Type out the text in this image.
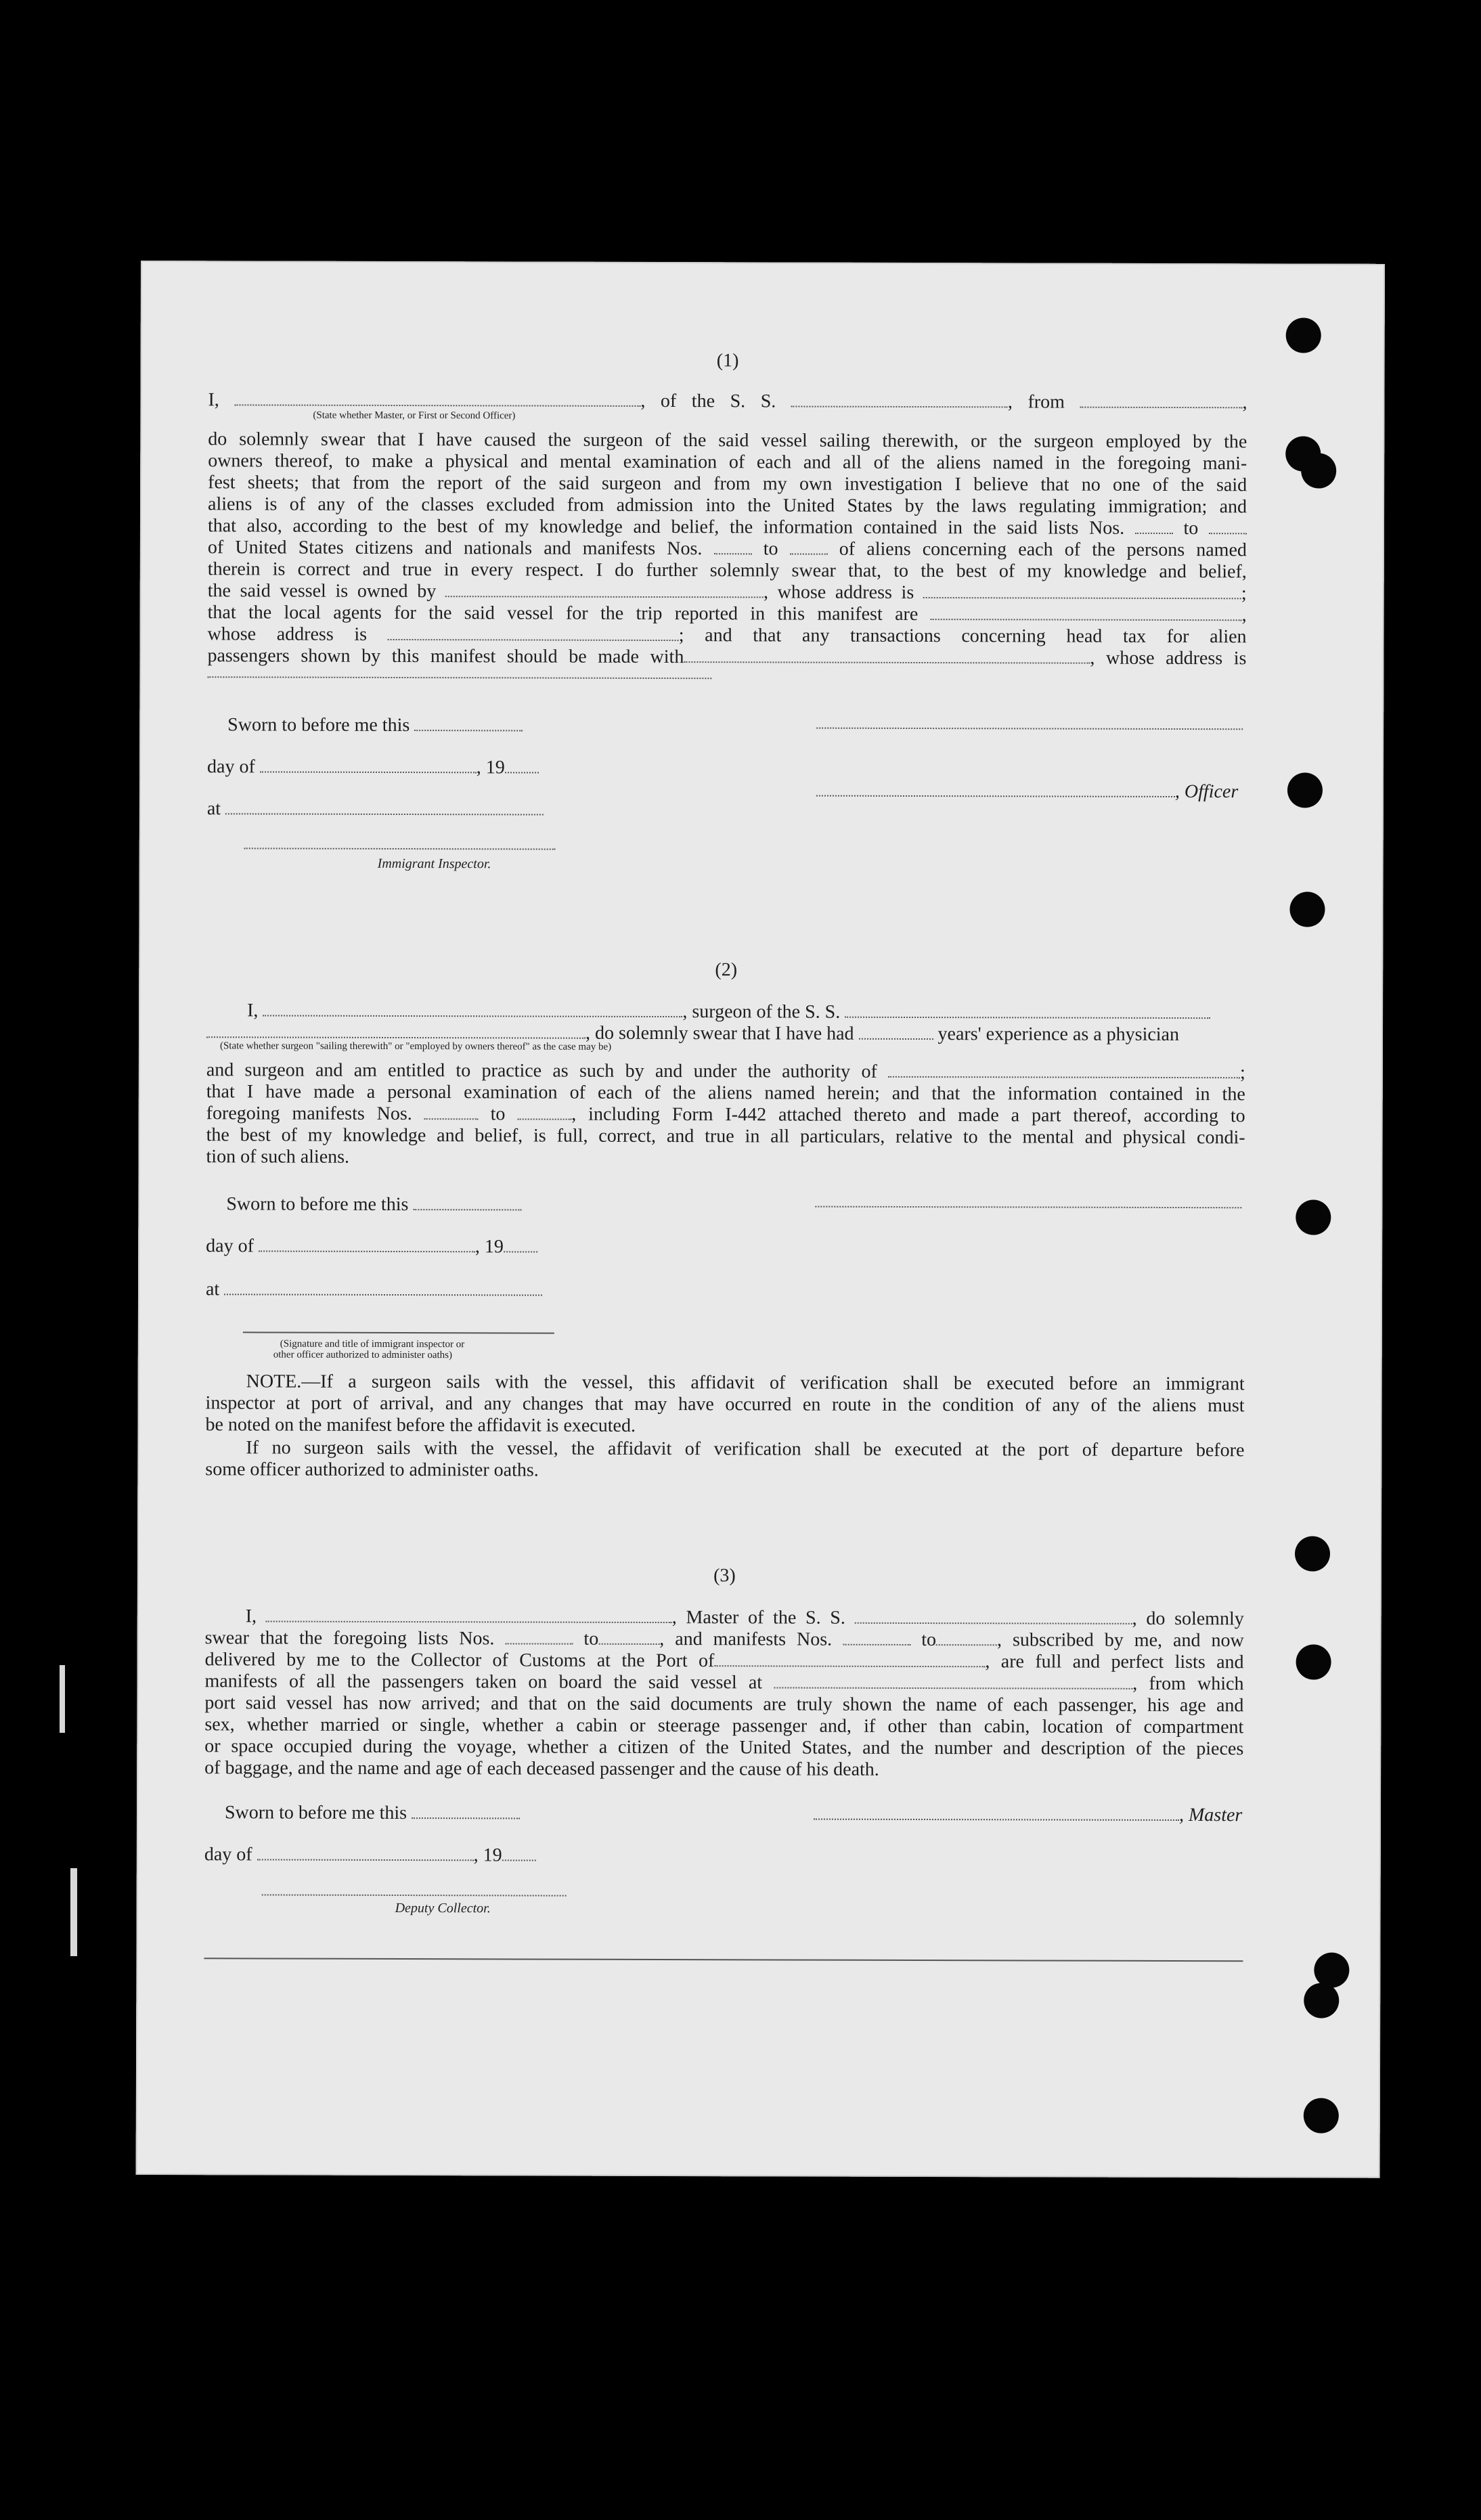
(1)
I,	, of the S. S.	, from	,
(State whether Master, or First or Second Officer)
do solemnly swear that I have caused the surgeon of the said vessel sailing therewith, or the surgeon employed by the
owners thereof, to make a physical and mental examination of each and all of the aliens named in the foregoing mani-
fest sheets; that from the report of the said surgeon and from my own investigation I believe that no one of the said
aliens is of any of the classes excluded from admission into the United States by the laws regulating immigration; and
that also, according to the best of my knowledge and belief, the information contained in the said lists Nos.	to
of United States citizens and nationals and manifests Nos.	to	of aliens concerning each of the persons named
therein is correct and true in every respect. I do further solemnly swear that, to the best of my knowledge and belief,
the said vessel is owned by	, whose address is	;
that the local agents for the said vessel for the trip reported in this manifest are	,
whose address is	; and that any transactions concerning head tax for alien
passengers shown by this manifest should be made with	, whose address is
Sworn to before me this
day of	, 19
, Officer
at
Immigrant Inspector.
(2)
I,	, surgeon of the S. S.
, do solemnly swear that I have had	years' experience as a physician
(State whether surgeon "sailing therewith" or "employed by owners thereof" as the case may be)
and surgeon and am entitled to practice as such by and under the authority of	;
that I have made a personal examination of each of the aliens named herein; and that the information contained in the
foregoing manifests Nos.	to	, including Form I-442 attached thereto and made a part thereof, according to
the best of my knowledge and belief, is full, correct, and true in all particulars, relative to the mental and physical condi-
tion of such aliens.
Sworn to before me this
day of	, 19
at
(Signature and title of immigrant inspector or
other officer authorized to administer oaths)
NOTE.—If a surgeon sails with the vessel, this affidavit of verification shall be executed before an immigrant
inspector at port of arrival, and any changes that may have occurred en route in the condition of any of the aliens must
be noted on the manifest before the affidavit is executed.
If no surgeon sails with the vessel, the affidavit of verification shall be executed at the port of departure before
some officer authorized to administer oaths.
(3)
I,	, Master of the S. S.	, do solemnly
swear that the foregoing lists Nos.	to	, and manifests Nos.	to	, subscribed by me, and now
delivered by me to the Collector of Customs at the Port of	, are full and perfect lists and
manifests of all the passengers taken on board the said vessel at	, from which
port said vessel has now arrived; and that on the said documents are truly shown the name of each passenger, his age and
sex, whether married or single, whether a cabin or steerage passenger and, if other than cabin, location of compartment
or space occupied during the voyage, whether a citizen of the United States, and the number and description of the pieces
of baggage, and the name and age of each deceased passenger and the cause of his death.
Sworn to before me this	, Master
day of	, 19
Deputy Collector.
